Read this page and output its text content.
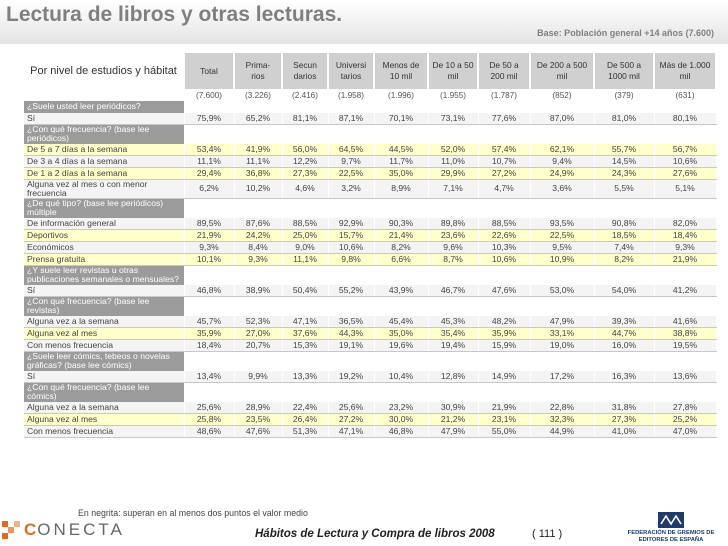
Lectura de libros y otras lecturas.
Base: Población general +14 años (7.600)
Por nivel de estudios y hábitat	Total	Prima- rios	Secun darios	Universi tarios	Menos de 10 mil	De 10 a 50 mil	De 50 a 200 mil	De 200 a 500 mil	De 500 a 1000 mil	Más de 1.000 mil
	(7.600)	(3.226)	(2.416)	(1.958)	(1.996)	(1.955)	(1.787)	(852)	(379)	(631)
¿Suele usted leer periódicos?										
Sí	75,9%	65,2%	81,1%	87,1%	70,1%	73,1%	77,6%	87,0%	81,0%	80,1%
¿Con qué frecuencia? (base lee periódicos)										
De 5 a 7 días a la semana	53,4%	41,9%	56,0%	64,5%	44,5%	52,0%	57,4%	62,1%	55,7%	56,7%
De 3 a 4 días a la semana	11,1%	11,1%	12,2%	9,7%	11,7%	11,0%	10,7%	9,4%	14,5%	10,6%
De 1 a 2 días a la semana	29,4%	36,8%	27,3%	22,5%	35,0%	29,9%	27,2%	24,9%	24,3%	27,6%
Alguna vez al mes o con menor frecuencia	6,2%	10,2%	4,6%	3,2%	8,9%	7,1%	4,7%	3,6%	5,5%	5,1%
¿De qué tipo? (base lee periódicos) múltiple										
De información general	89,5%	87,6%	88,5%	92,9%	90,3%	89,8%	88,5%	93,5%	90,8%	82,0%
Deportivos	21,9%	24,2%	25,0%	15,7%	21,4%	23,6%	22,6%	22,5%	18,5%	18,4%
Económicos	9,3%	8,4%	9,0%	10,6%	8,2%	9,6%	10,3%	9,5%	7,4%	9,3%
Prensa gratuita	10,1%	9,3%	11,1%	9,8%	6,6%	8,7%	10,6%	10,9%	8,2%	21,9%
¿Y suele leer revistas u otras publicaciones semanales o mensuales?										
Sí	46,8%	38,9%	50,4%	55,2%	43,9%	46,7%	47,6%	53,0%	54,0%	41,2%
¿Con qué frecuencia? (base lee revistas)										
Alguna vez a la semana	45,7%	52,3%	47,1%	36,5%	45,4%	45,3%	48,2%	47,9%	39,3%	41,6%
Alguna vez al mes	35,9%	27,0%	37,6%	44,3%	35,0%	35,4%	35,9%	33,1%	44,7%	38,8%
Con menos frecuencia	18,4%	20,7%	15,3%	19,1%	19,6%	19,4%	15,9%	19,0%	16,0%	19,5%
¿Suele leer cómics, tebeos o novelas gráficas? (base lee cómics)										
Sí	13,4%	9,9%	13,3%	19,2%	10,4%	12,8%	14,9%	17,2%	16,3%	13,6%
¿Con qué frecuencia? (base lee cómics)										
Alguna vez a la semana	25,6%	28,9%	22,4%	25,6%	23,2%	30,9%	21,9%	22,8%	31,8%	27,8%
Alguna vez al mes	25,8%	23,5%	26,4%	27,2%	30,0%	21,2%	23,1%	32,3%	27,3%	25,2%
Con menos frecuencia	48,6%	47,6%	51,3%	47,1%	46,8%	47,9%	55,0%	44,9%	41,0%	47,0%
En negrita: superan en al menos dos puntos el valor medio
CONECTA	Hábitos de Lectura y Compra de libros 2008	( 111 )	FEDERACIÓN DE GREMIOS DE EDITORES DE ESPAÑA
